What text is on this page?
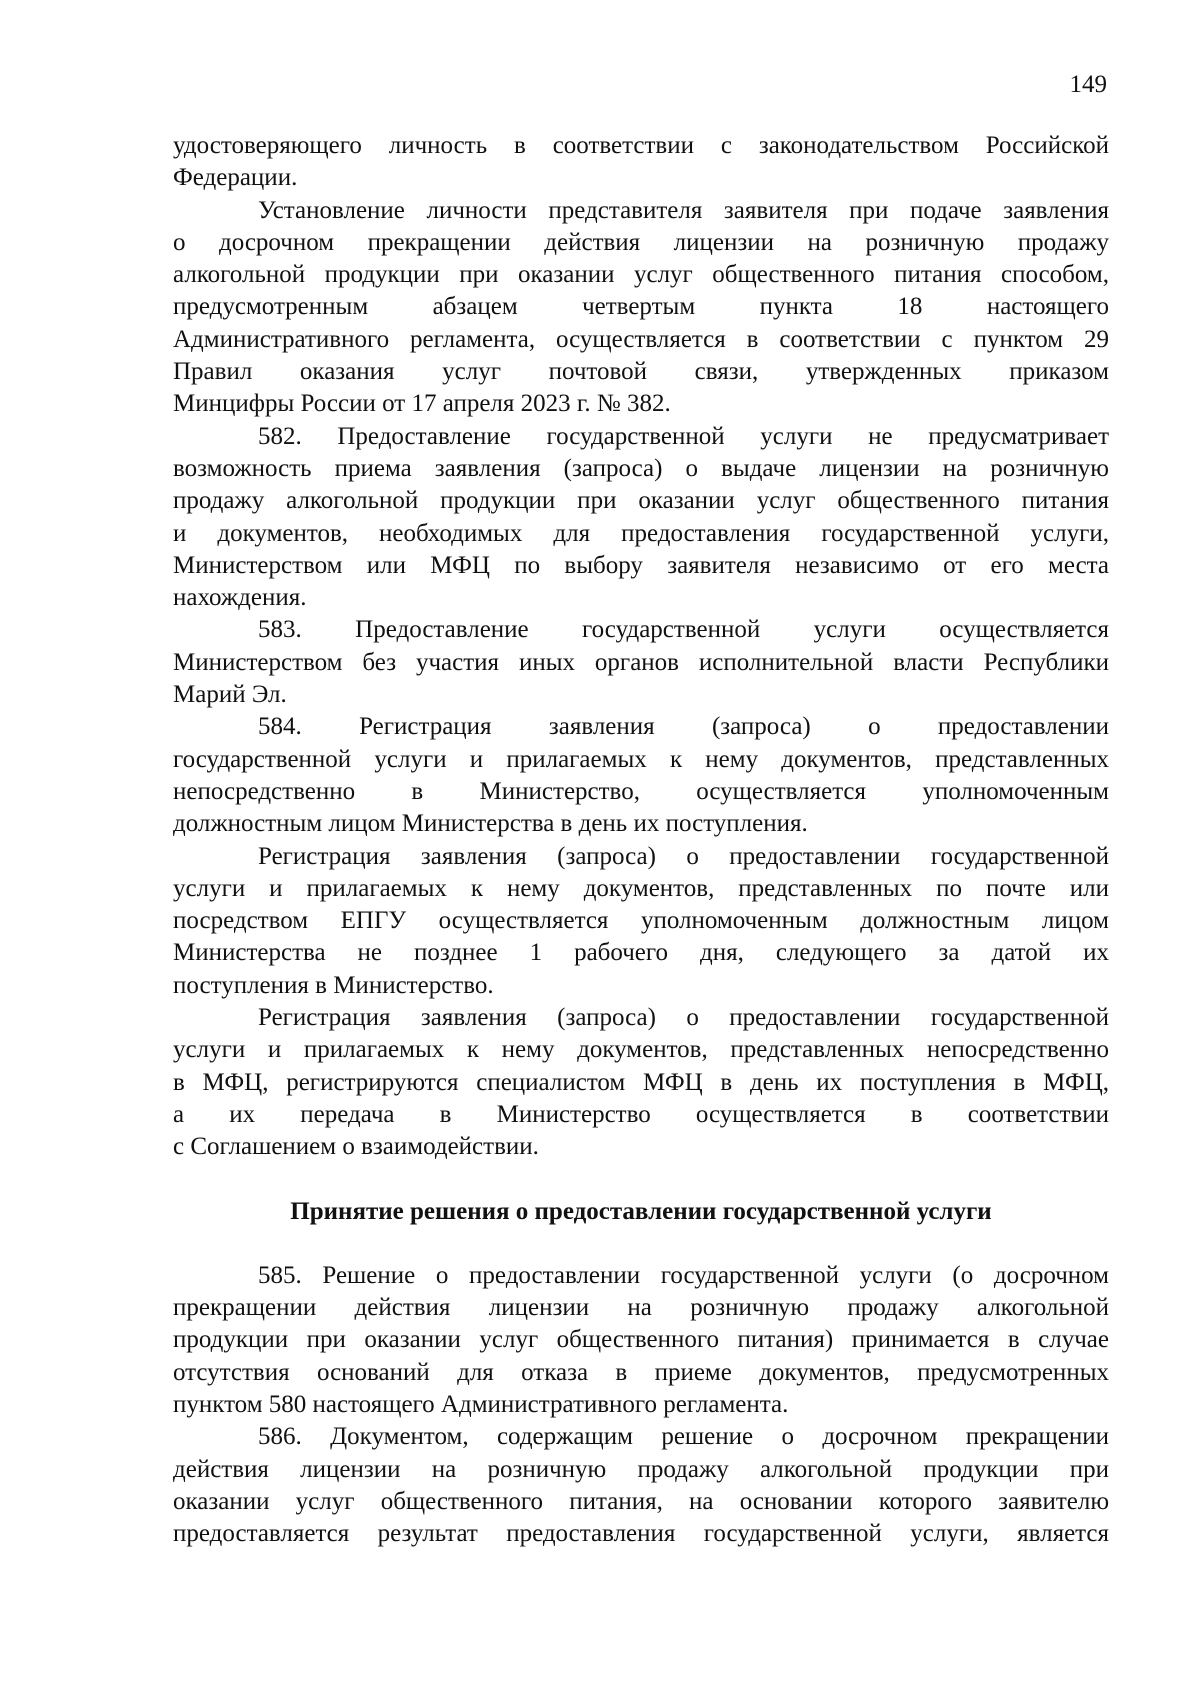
149
удостоверяющего личность в соответствии с законодательством Российской
Федерации.
Установление личности представителя заявителя при подаче заявления
о досрочном прекращении действия лицензии на розничную продажу
алкогольной продукции при оказании услуг общественного питания способом,
предусмотренным абзацем четвертым пункта 18 настоящего
Административного регламента, осуществляется в соответствии с пунктом 29
Правил оказания услуг почтовой связи, утвержденных приказом
Минцифры России от 17 апреля 2023 г. № 382.
582. Предоставление государственной услуги не предусматривает
возможность приема заявления (запроса) о выдаче лицензии на розничную
продажу алкогольной продукции при оказании услуг общественного питания
и документов, необходимых для предоставления государственной услуги,
Министерством или МФЦ по выбору заявителя независимо от его места
нахождения.
583. Предоставление государственной услуги осуществляется
Министерством без участия иных органов исполнительной власти Республики
Марий Эл.
584. Регистрация заявления (запроса) о предоставлении
государственной услуги и прилагаемых к нему документов, представленных
непосредственно в Министерство, осуществляется уполномоченным
должностным лицом Министерства в день их поступления.
Регистрация заявления (запроса) о предоставлении государственной
услуги и прилагаемых к нему документов, представленных по почте или
посредством ЕПГУ осуществляется уполномоченным должностным лицом
Министерства не позднее 1 рабочего дня, следующего за датой их
поступления в Министерство.
Регистрация заявления (запроса) о предоставлении государственной
услуги и прилагаемых к нему документов, представленных непосредственно
в МФЦ, регистрируются специалистом МФЦ в день их поступления в МФЦ,
а их передача в Министерство осуществляется в соответствии
с Соглашением о взаимодействии.
Принятие решения о предоставлении государственной услуги
585. Решение о предоставлении государственной услуги (о досрочном
прекращении действия лицензии на розничную продажу алкогольной
продукции при оказании услуг общественного питания) принимается в случае
отсутствия оснований для отказа в приеме документов, предусмотренных
пунктом 580 настоящего Административного регламента.
586. Документом, содержащим решение о досрочном прекращении
действия лицензии на розничную продажу алкогольной продукции при
оказании услуг общественного питания, на основании которого заявителю
предоставляется результат предоставления государственной услуги, является
